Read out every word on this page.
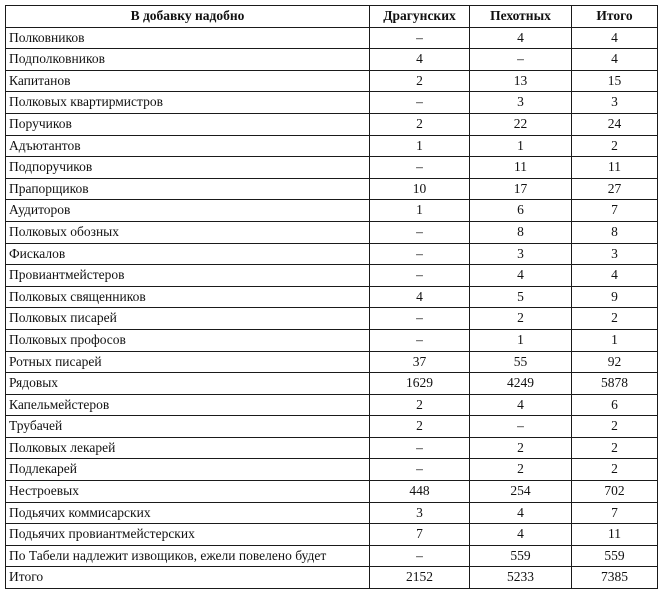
В добавку надобно	Драгунских	Пехотных	Итого
Полковников	–	4	4
Подполковников	4	–	4
Капитанов	2	13	15
Полковых квартирмистров	–	3	3
Поручиков	2	22	24
Адъютантов	1	1	2
Подпоручиков	–	11	11
Прапорщиков	10	17	27
Аудиторов	1	6	7
Полковых обозных	–	8	8
Фискалов	–	3	3
Провиантмейстеров	–	4	4
Полковых священников	4	5	9
Полковых писарей	–	2	2
Полковых профосов	–	1	1
Ротных писарей	37	55	92
Рядовых	1629	4249	5878
Капельмейстеров	2	4	6
Трубачей	2	–	2
Полковых лекарей	–	2	2
Подлекарей	–	2	2
Нестроевых	448	254	702
Подьячих коммисарских	3	4	7
Подьячих провиантмейстерских	7	4	11
По Табели надлежит извощиков, ежели повелено будет	–	559	559
Итого	2152	5233	7385
